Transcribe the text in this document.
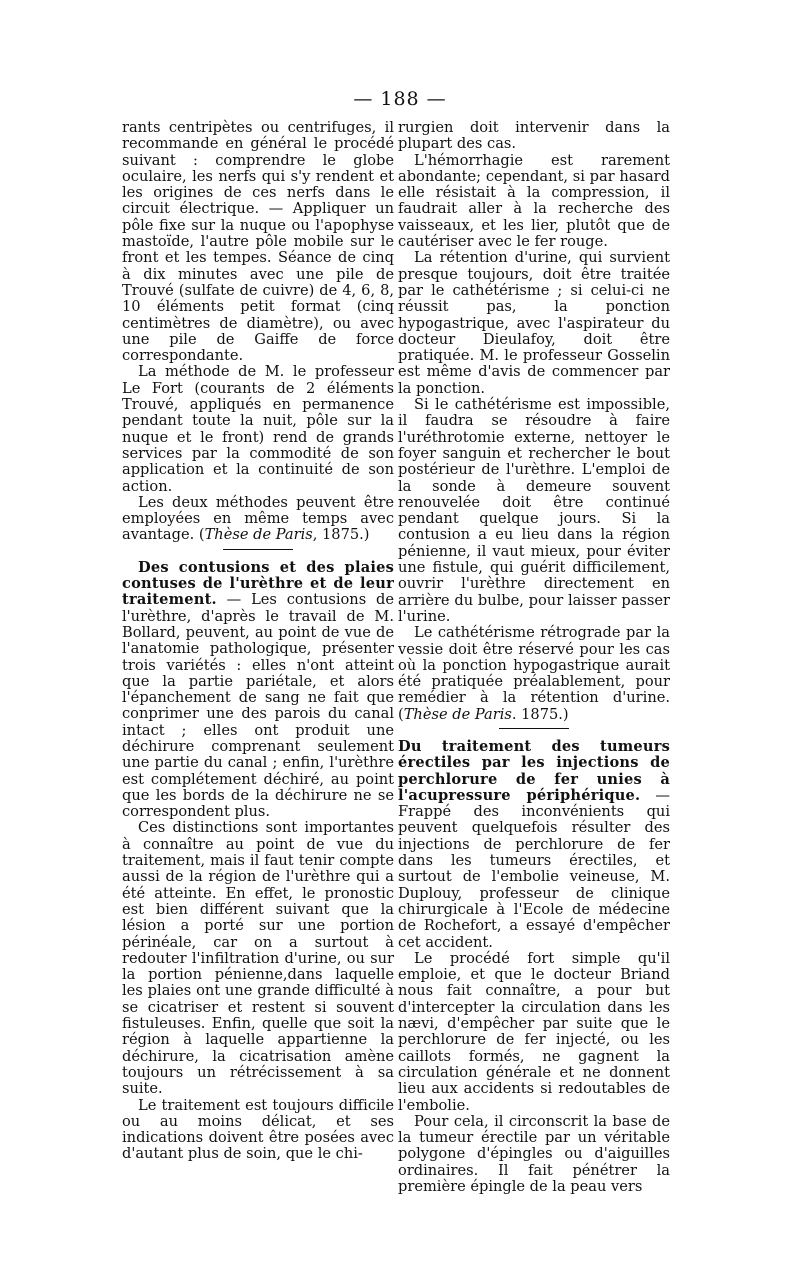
— 188 —

rants centripètes ou centrifuges, il recommande en général le procédé suivant : comprendre le globe oculaire, les nerfs qui s'y rendent et les origines de ces nerfs dans le circuit électrique. — Appliquer un pôle fixe sur la nuque ou l'apophyse mastoïde, l'autre pôle mobile sur le front et les tempes. Séance de cinq à dix minutes avec une pile de Trouvé (sulfate de cuivre) de 4, 6, 8, 10 éléments petit format (cinq centimètres de diamètre), ou avec une pile de Gaiffe de force correspondante.

La méthode de M. le professeur Le Fort (courants de 2 éléments Trouvé, appliqués en permanence pendant toute la nuit, pôle sur la nuque et le front) rend de grands services par la commodité de son application et la continuité de son action.

Les deux méthodes peuvent être employées en même temps avec avantage. (Thèse de Paris, 1875.)

Des contusions et des plaies contuses de l'urèthre et de leur traitement. — Les contusions de l'urèthre, d'après le travail de M. Bollard, peuvent, au point de vue de l'anatomie pathologique, présenter trois variétés : elles n'ont atteint que la partie pariétale, et alors l'épanchement de sang ne fait que conprimer une des parois du canal intact ; elles ont produit une déchirure comprenant seulement une partie du canal ; enfin, l'urèthre est complétement déchiré, au point que les bords de la déchirure ne se correspondent plus.

Ces distinctions sont importantes à connaître au point de vue du traitement, mais il faut tenir compte aussi de la région de l'urèthre qui a été atteinte. En effet, le pronostic est bien différent suivant que la lésion a porté sur une portion périnéale, car on a surtout à redouter l'infiltration d'urine, ou sur la portion pénienne,dans laquelle les plaies ont une grande difficulté à se cicatriser et restent si souvent fistuleuses. Enfin, quelle que soit la région à laquelle appartienne la déchirure, la cicatrisation amène toujours un rétrécissement à sa suite.

Le traitement est toujours difficile ou au moins délicat, et ses indications doivent être posées avec d'autant plus de soin, que le chi-

rurgien doit intervenir dans la plupart des cas.

L'hémorrhagie est rarement abondante; cependant, si par hasard elle résistait à la compression, il faudrait aller à la recherche des vaisseaux, et les lier, plutôt que de cautériser avec le fer rouge.

La rétention d'urine, qui survient presque toujours, doit être traitée par le cathétérisme ; si celui-ci ne réussit pas, la ponction hypogastrique, avec l'aspirateur du docteur Dieulafoy, doit être pratiquée. M. le professeur Gosselin est même d'avis de commencer par la ponction.

Si le cathétérisme est impossible, il faudra se résoudre à faire l'uréthrotomie externe, nettoyer le foyer sanguin et rechercher le bout postérieur de l'urèthre. L'emploi de la sonde à demeure souvent renouvelée doit être continué pendant quelque jours. Si la contusion a eu lieu dans la région pénienne, il vaut mieux, pour éviter une fistule, qui guérit difficilement, ouvrir l'urèthre directement en arrière du bulbe, pour laisser passer l'urine.

Le cathétérisme rétrograde par la vessie doit être réservé pour les cas où la ponction hypogastrique aurait été pratiquée préalablement, pour remédier à la rétention d'urine. (Thèse de Paris. 1875.)

Du traitement des tumeurs érectiles par les injections de perchlorure de fer unies à l'acupressure périphérique. — Frappé des inconvénients qui peuvent quelquefois résulter des injections de perchlorure de fer dans les tumeurs érectiles, et surtout de l'embolie veineuse, M. Duplouy, professeur de clinique chirurgicale à l'Ecole de médecine de Rochefort, a essayé d'empêcher cet accident.

Le procédé fort simple qu'il emploie, et que le docteur Briand nous fait connaître, a pour but d'intercepter la circulation dans les nævi, d'empêcher par suite que le perchlorure de fer injecté, ou les caillots formés, ne gagnent la circulation générale et ne donnent lieu aux accidents si redoutables de l'embolie.

Pour cela, il circonscrit la base de la tumeur érectile par un véritable polygone d'épingles ou d'aiguilles ordinaires. Il fait pénétrer la première épingle de la peau vers
